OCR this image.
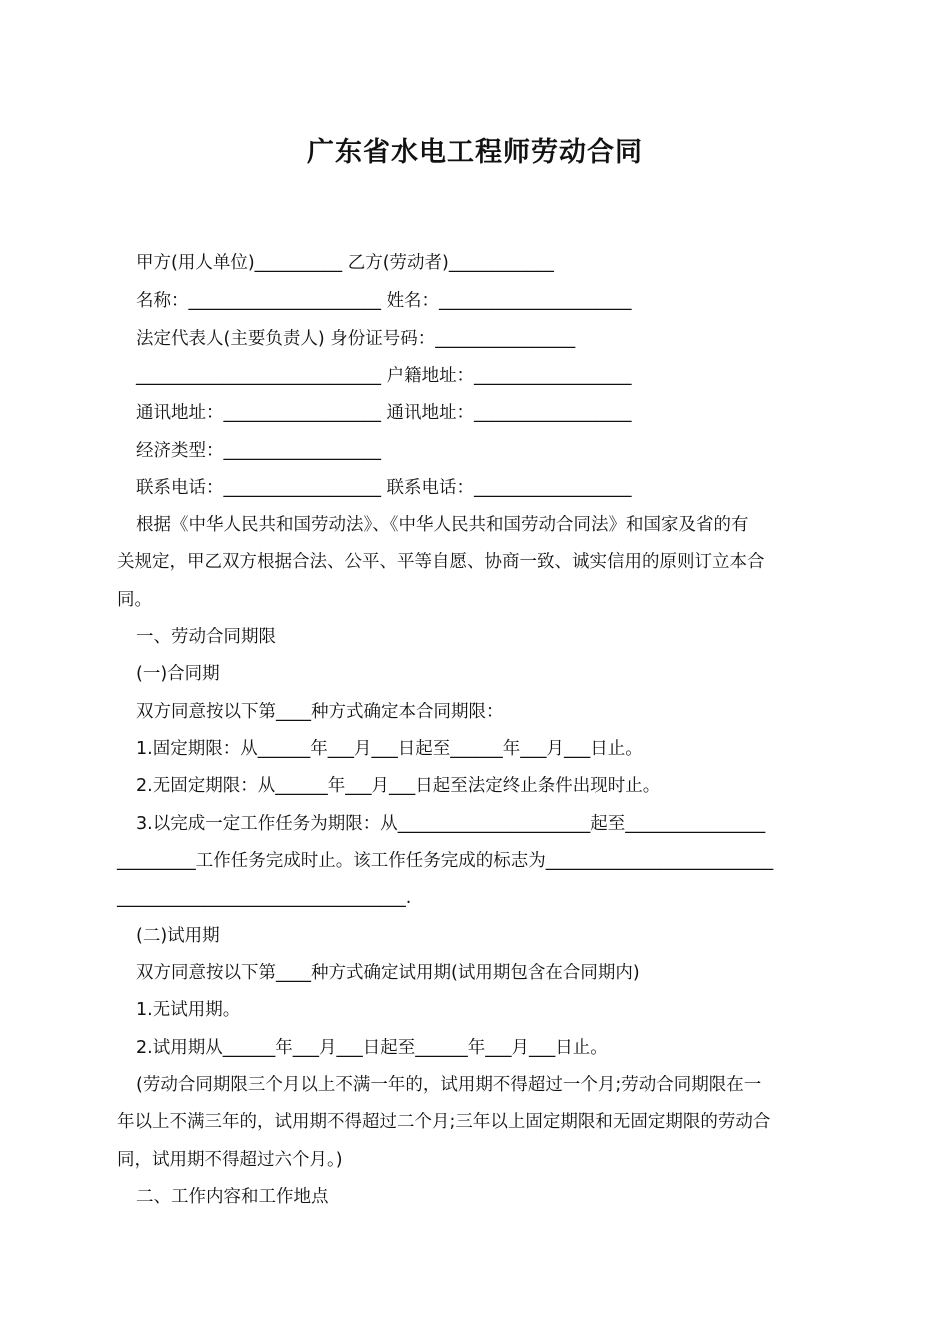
广东省水电工程师劳动合同
甲方(用人单位)__________ 乙方(劳动者)____________
名称：______________________ 姓名：______________________
法定代表人(主要负责人) 身份证号码：________________
____________________________ 户籍地址：__________________
通讯地址：__________________ 通讯地址：__________________
经济类型：__________________
联系电话：__________________ 联系电话：__________________
根据《中华人民共和国劳动法》、《中华人民共和国劳动合同法》和国家及省的有
关规定，甲乙双方根据合法、公平、平等自愿、协商一致、诚实信用的原则订立本合
同。
一、劳动合同期限
(一)合同期
双方同意按以下第____种方式确定本合同期限：
1.固定期限：从______年___月___日起至______年___月___日止。
2.无固定期限：从______年___月___日起至法定终止条件出现时止。
3.以完成一定工作任务为期限：从______________________起至________________
_________工作任务完成时止。该工作任务完成的标志为__________________________
_________________________________.
(二)试用期
双方同意按以下第____种方式确定试用期(试用期包含在合同期内)
1.无试用期。
2.试用期从______年___月___日起至______年___月___日止。
(劳动合同期限三个月以上不满一年的，试用期不得超过一个月;劳动合同期限在一
年以上不满三年的，试用期不得超过二个月;三年以上固定期限和无固定期限的劳动合
同，试用期不得超过六个月。)
二、工作内容和工作地点
